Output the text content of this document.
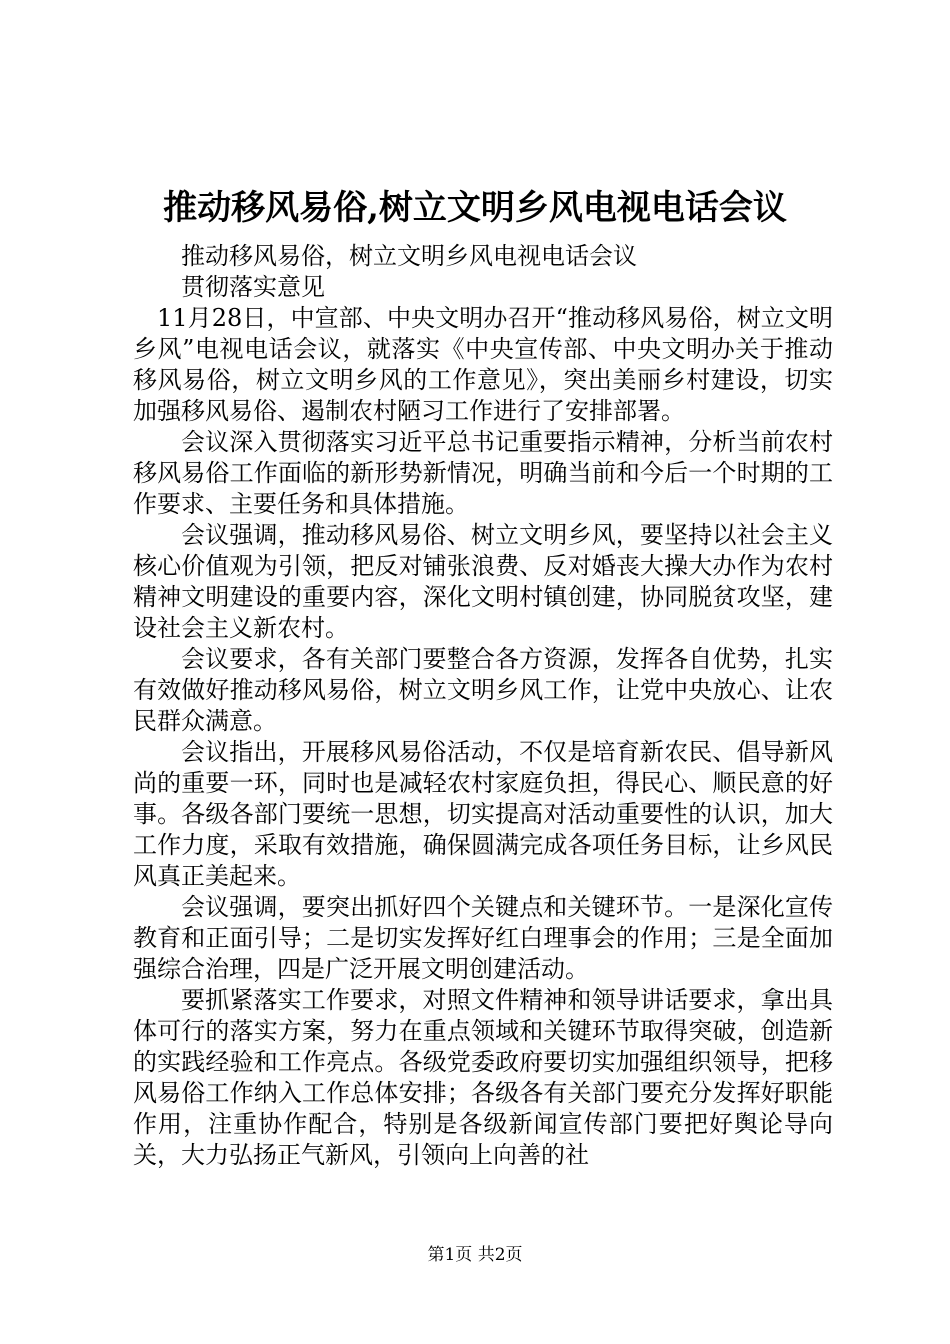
推动移风易俗,树立文明乡风电视电话会议

推动移风易俗，树立文明乡风电视电话会议

贯彻落实意见

11月28日，中宣部、中央文明办召开“推动移风易俗，树立文明乡风”电视电话会议，就落实《中央宣传部、中央文明办关于推动移风易俗，树立文明乡风的工作意见》，突出美丽乡村建设，切实加强移风易俗、遏制农村陋习工作进行了安排部署。

会议深入贯彻落实习近平总书记重要指示精神，分析当前农村移风易俗工作面临的新形势新情况，明确当前和今后一个时期的工作要求、主要任务和具体措施。

会议强调，推动移风易俗、树立文明乡风，要坚持以社会主义核心价值观为引领，把反对铺张浪费、反对婚丧大操大办作为农村精神文明建设的重要内容，深化文明村镇创建，协同脱贫攻坚，建设社会主义新农村。

会议要求，各有关部门要整合各方资源，发挥各自优势，扎实有效做好推动移风易俗，树立文明乡风工作，让党中央放心、让农民群众满意。

会议指出，开展移风易俗活动，不仅是培育新农民、倡导新风尚的重要一环，同时也是减轻农村家庭负担，得民心、顺民意的好事。各级各部门要统一思想，切实提高对活动重要性的认识，加大工作力度，采取有效措施，确保圆满完成各项任务目标，让乡风民风真正美起来。

会议强调，要突出抓好四个关键点和关键环节。一是深化宣传教育和正面引导；二是切实发挥好红白理事会的作用；三是全面加强综合治理，四是广泛开展文明创建活动。

要抓紧落实工作要求，对照文件精神和领导讲话要求，拿出具体可行的落实方案，努力在重点领域和关键环节取得突破，创造新的实践经验和工作亮点。各级党委政府要切实加强组织领导，把移风易俗工作纳入工作总体安排；各级各有关部门要充分发挥好职能作用，注重协作配合，特别是各级新闻宣传部门要把好舆论导向关，大力弘扬正气新风，引领向上向善的社

第1页 共2页
